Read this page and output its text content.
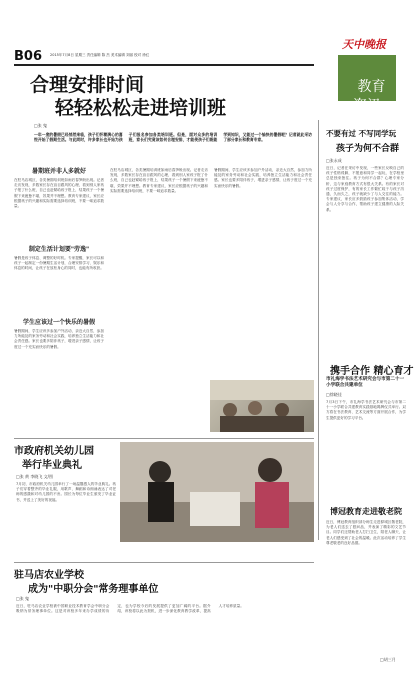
B06 2015年7月8日 星期三 责任编辑 陈 杰 美术编辑 刘丽 校对 徐红
天中晚报

教育
资讯

合理安排时间
轻轻松松走进培训班
□张 鬼
一年一度的暑假已经悄然来临，孩子们怀着满心的喜悦开始了假期生活。与此同时，许多家长也开始为孩子们报名参加各类培训班。但是，面对众多的培训班，家长们究竟该如何合理安排，才能使孩子们既能学到知识，又能过一个愉快的暑假呢？记者就此采访了部分家长和教育专家。
暑期班并非人多就好
在驻马店城区，各类暑期培训班如雨后春笋般出现。记者走访发现，多数家长存在盲目跟风的心理，看到别人家孩子报了什么班，自己也赶紧给孩子报上，结果孩子一个暑假下来疲惫不堪，效果并不理想。教育专家建议，家长应根据孩子的兴趣和实际需要选择培训班，不要一味追求数量。
制定生活计划要"劳逸"
暑假是孩子休息、调整的好时机。专家提醒，家长可以和孩子一起制定一份暑期生活计划，合理安排学习、娱乐和休息的时间，让孩子在放松身心的同时，也能有所收获。
学生应该过一个快乐的暑假
暑假期间，学生应该多参加户外活动，亲近大自然，参加力所能及的家务劳动和社会实践，培养独立生活能力和社会责任感。家长也要多陪伴孩子，增进亲子感情，让孩子度过一个充实而快乐的暑假。
在驻马店城区，各类暑期培训班如雨后春笋般出现。记者走访发现，多数家长存在盲目跟风的心理，看到别人家孩子报了什么班，自己也赶紧给孩子报上，结果孩子一个暑假下来疲惫不堪，效果并不理想。教育专家建议，家长应根据孩子的兴趣和实际需要选择培训班，不要一味追求数量。
暑假期间，学生应该多参加户外活动，亲近大自然，参加力所能及的家务劳动和社会实践，培养独立生活能力和社会责任感。家长也要多陪伴孩子，增进亲子感情，让孩子度过一个充实而快乐的暑假。
不要有过 不写同学玩
孩子为何不合群
□张永成
近日，记者在采访中发现，一些家长反映自己的孩子性格孤僻，不愿意和同学一起玩，在学校里总是独来独往。孩子为何不合群？心理专家分析，这与家庭教育方式有很大关系。有的家长对孩子过度保护，有的家长工作繁忙疏于与孩子沟通，久而久之，孩子就缺少了与人交往的能力。专家建议，家长应多鼓励孩子参加集体活动，学会与人分享与合作，帮助孩子建立健康的人际关系。
携手合作 精心育才
市礼海学书法艺术研究会与市第二十一小学联合共建单位
□徐晓佳
7月3日下午，市礼海学书法艺术研究会与市第二十一小学联合共建教育实践基地揭牌仪式举行。双方将在书法教育、艺术交流等方面开展合作，为学生提供更好的学习平台。
市政府机关幼儿园
举行毕业典礼
□张 黄 李晓飞 文/图
7月初，市政府机关幼儿园举行了一场温馨感人的毕业典礼。孩子们穿着整齐的毕业礼服，用歌声、舞蹈和诗朗诵表达了对老师的感激和对幼儿园的不舍。园长为每位毕业生颁发了毕业证书，并送上了美好的祝福。
驻马店农业学校
成为"中职分会"常务理事单位
□张 鬼
近日，驻马店农业学校被中国职业技术教育学会中职分会吸纳为常务理事单位。这是对该校多年来办学成绩的肯定，也为学校今后的发展提供了更加广阔的平台。据介绍，该校将以此为契机，进一步深化教育教学改革，提高人才培养质量。
博冠教育走进敬老院
近日，博冠教育组织部分师生走进驿城区敬老院，为老人们送去了慰问品，并表演了精彩的文艺节目。同学们还帮助老人打扫卫生，陪老人聊天，让老人们感受到了社会的温暖。此次活动培养了学生尊老敬老的良好品德。
□胡三月
